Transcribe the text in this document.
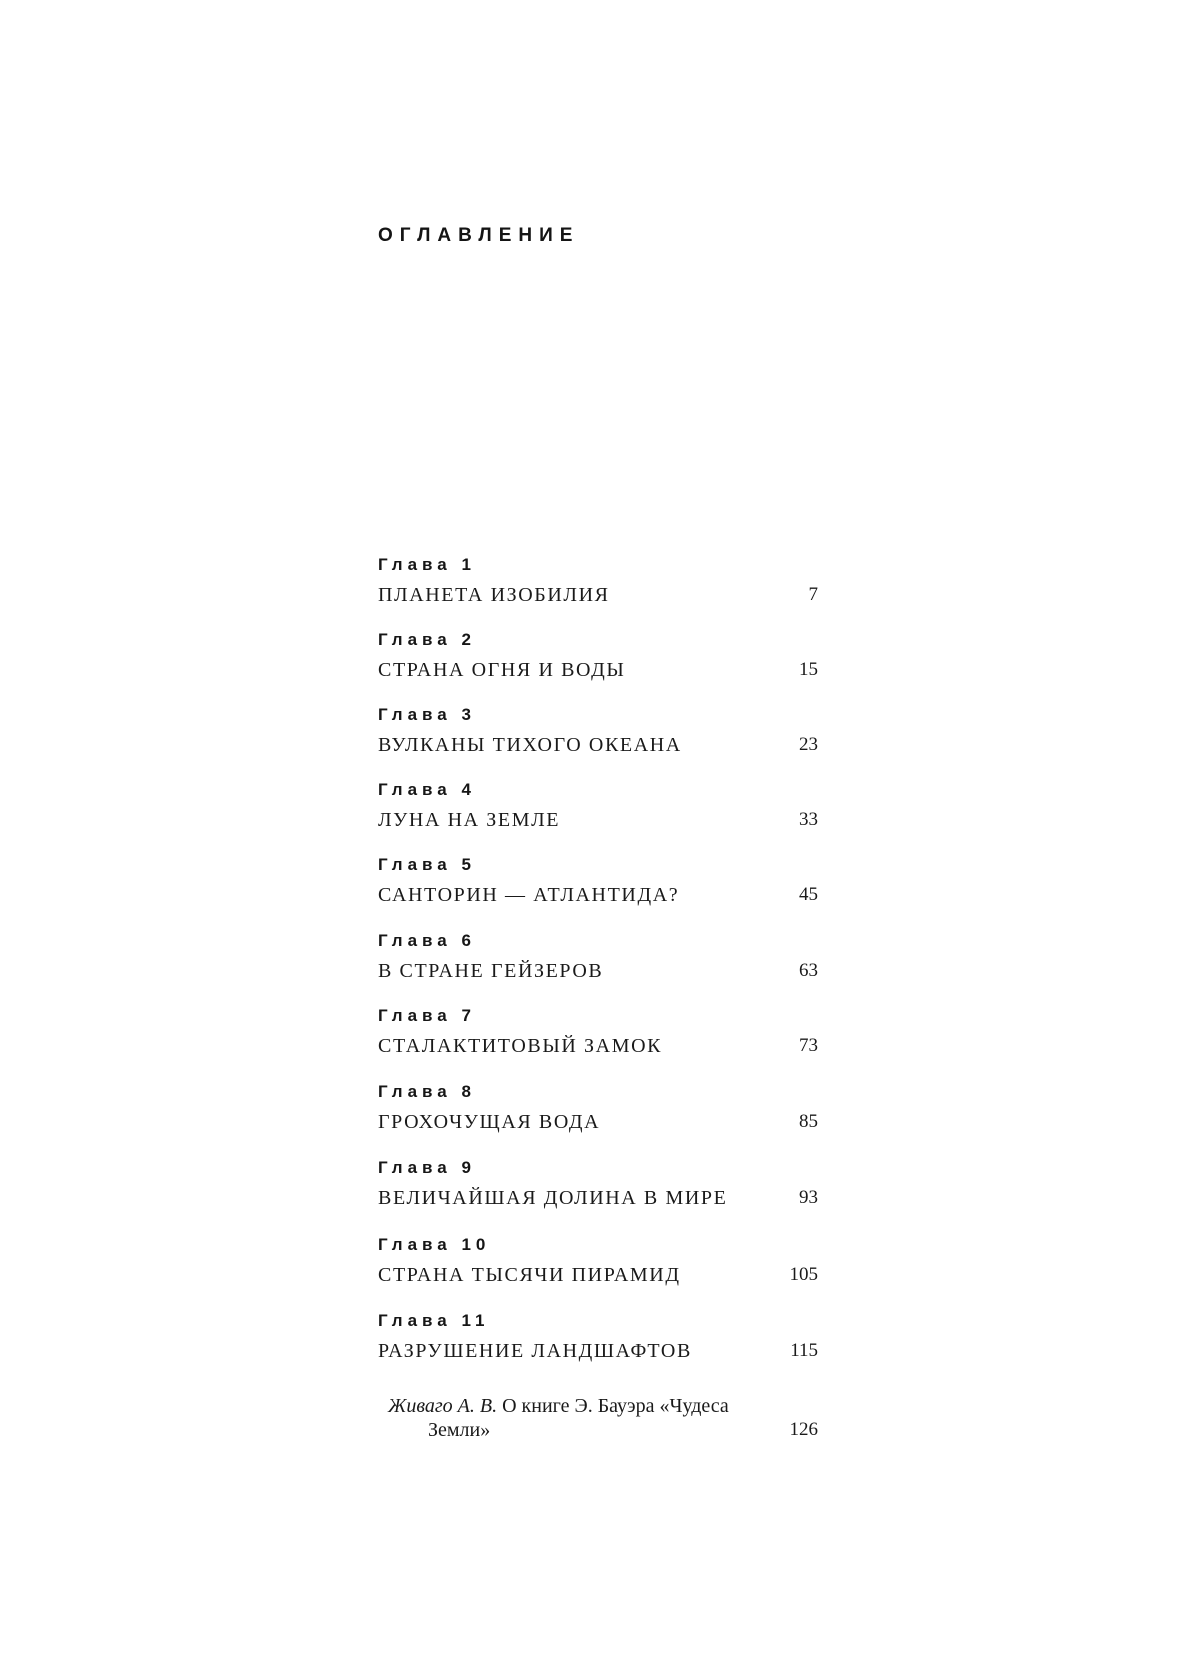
ОГЛАВЛЕНИЕ
Глава 1
ПЛАНЕТА ИЗОБИЛИЯ	7
Глава 2
СТРАНА ОГНЯ И ВОДЫ	15
Глава 3
ВУЛКАНЫ ТИХОГО ОКЕАНА	23
Глава 4
ЛУНА НА ЗЕМЛЕ	33
Глава 5
САНТОРИН — АТЛАНТИДА?	45
Глава 6
В СТРАНЕ ГЕЙЗЕРОВ	63
Глава 7
СТАЛАКТИТОВЫЙ ЗАМОК	73
Глава 8
ГРОХОЧУЩАЯ ВОДА	85
Глава 9
ВЕЛИЧАЙШАЯ ДОЛИНА В МИРЕ	93
Глава 10
СТРАНА ТЫСЯЧИ ПИРАМИД	105
Глава 11
РАЗРУШЕНИЕ ЛАНДШАФТОВ	115
Живаго А. В. О книге Э. Бауэра «Чудеса
Земли»	126
